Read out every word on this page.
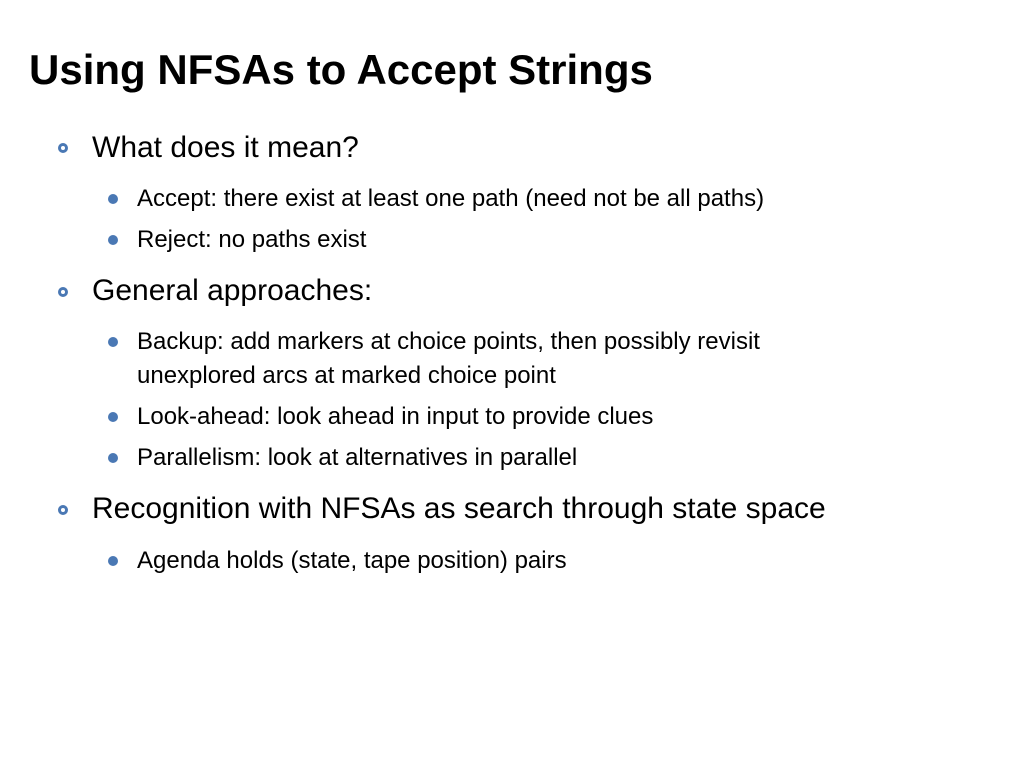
Using NFSAs to Accept Strings
What does it mean?
Accept: there exist at least one path (need not be all paths)
Reject: no paths exist
General approaches:
Backup: add markers at choice points, then possibly revisit
unexplored arcs at marked choice point
Look-ahead: look ahead in input to provide clues
Parallelism: look at alternatives in parallel
Recognition with NFSAs as search through state space
Agenda holds (state, tape position) pairs
